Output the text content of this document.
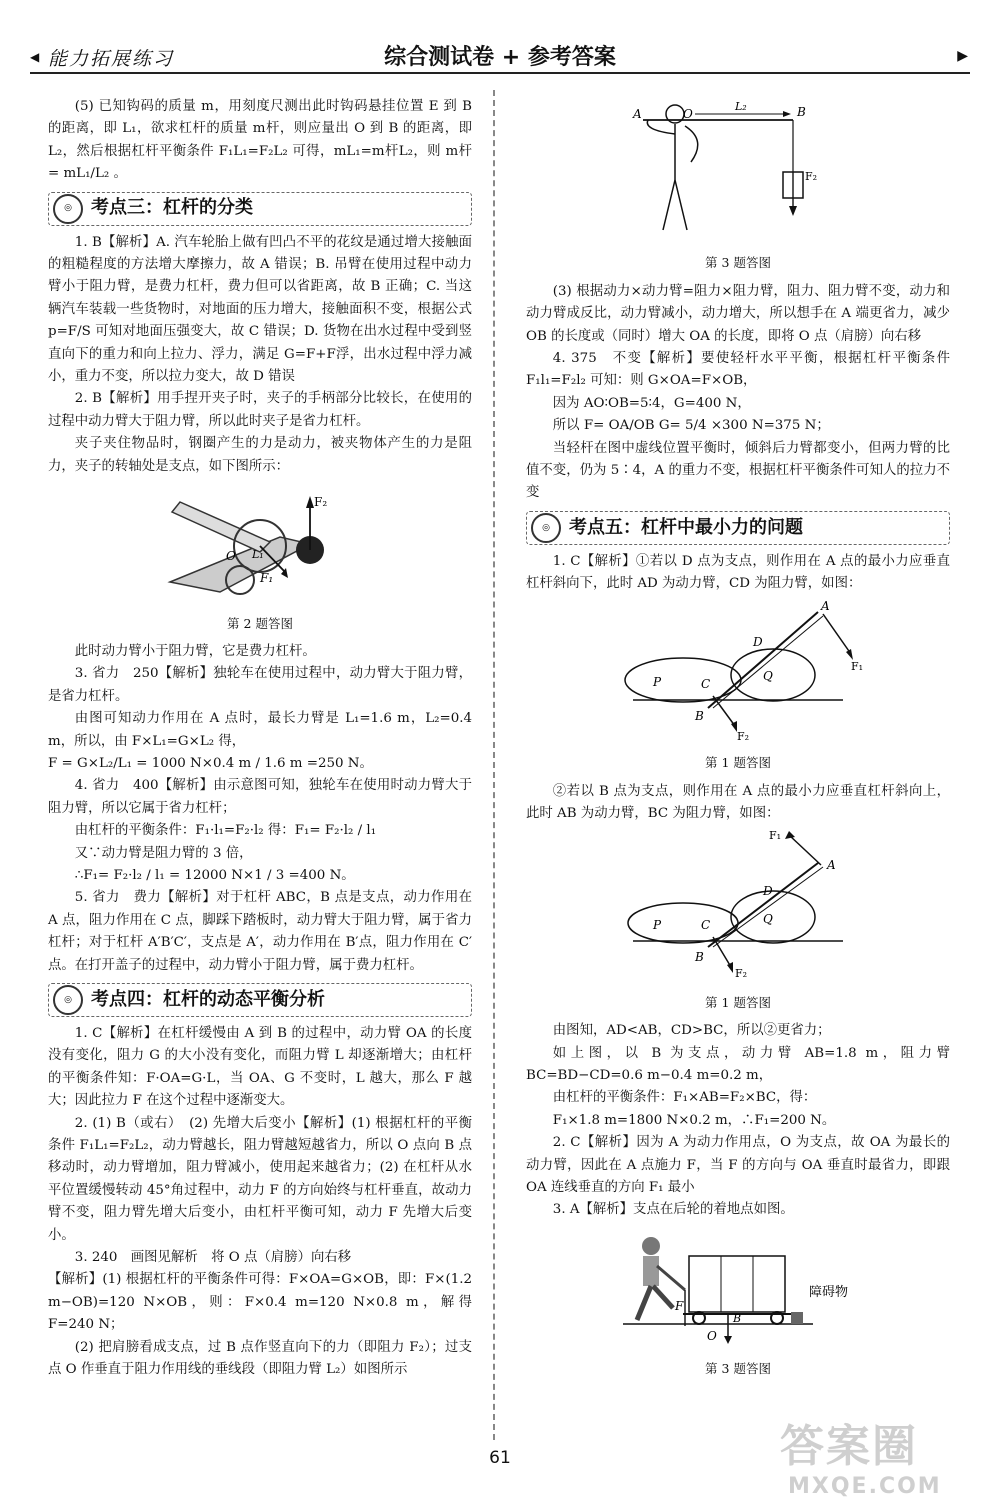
◀ 能力拓展练习	综合测试卷 + 参考答案	▶

(5) 已知钩码的质量 m，用刻度尺测出此时钩码悬挂位置 E 到 B 的距离，即 L₁，欲求杠杆的质量 m杆，则应量出 O 到 B 的距离，即 L₂，然后根据杠杆平衡条件 F₁L₁=F₂L₂ 可得，mL₁=m杆L₂，则 m杆 = mL₁/L₂ 。

◎	考点三：杠杆的分类

1. B【解析】A. 汽车轮胎上做有凹凸不平的花纹是通过增大接触面的粗糙程度的方法增大摩擦力，故 A 错误；B. 吊臂在使用过程中动力臂小于阻力臂，是费力杠杆，费力但可以省距离，故 B 正确；C. 当这辆汽车装载一些货物时，对地面的压力增大，接触面积不变，根据公式 p=F/S 可知对地面压强变大，故 C 错误；D. 货物在出水过程中受到竖直向下的重力和向上拉力、浮力，满足 G=F+F浮，出水过程中浮力减小，重力不变，所以拉力变大，故 D 错误

2. B【解析】用手捏开夹子时，夹子的手柄部分比较长，在使用的过程中动力臂大于阻力臂，所以此时夹子是省力杠杆。

夹子夹住物品时，钢圈产生的力是动力，被夹物体产生的力是阻力，夹子的转轴处是支点，如下图所示：

F₂
O L₁
F₁
第 2 题答图

此时动力臂小于阻力臂，它是费力杠杆。

3. 省力　250【解析】独轮车在使用过程中，动力臂大于阻力臂，是省力杠杆。

由图可知动力作用在 A 点时，最长力臂是 L₁=1.6 m，L₂=0.4 m，所以，由 F×L₁=G×L₂ 得，

F = G×L₂/L₁ = 1000 N×0.4 m / 1.6 m =250 N。

4. 省力　400【解析】由示意图可知，独轮车在使用时动力臂大于阻力臂，所以它属于省力杠杆；

由杠杆的平衡条件：F₁·l₁=F₂·l₂ 得：F₁= F₂·l₂ / l₁

又∵动力臂是阻力臂的 3 倍，

∴F₁= F₂·l₂ / l₁ = 12000 N×1 / 3 =400 N。

5. 省力　费力【解析】对于杠杆 ABC，B 点是支点，动力作用在 A 点，阻力作用在 C 点，脚踩下踏板时，动力臂大于阻力臂，属于省力杠杆；对于杠杆 A′B′C′，支点是 A′，动力作用在 B′点，阻力作用在 C′点。在打开盖子的过程中，动力臂小于阻力臂，属于费力杠杆。

◎	考点四：杠杆的动态平衡分析

1. C【解析】在杠杆缓慢由 A 到 B 的过程中，动力臂 OA 的长度没有变化，阻力 G 的大小没有变化，而阻力臂 L 却逐渐增大；由杠杆的平衡条件知：F·OA=G·L，当 OA、G 不变时，L 越大，那么 F 越大；因此拉力 F 在这个过程中逐渐变大。

2. (1) B（或右）　(2) 先增大后变小【解析】(1) 根据杠杆的平衡条件 F₁L₁=F₂L₂，动力臂越长，阻力臂越短越省力，所以 O 点向 B 点移动时，动力臂增加，阻力臂减小，使用起来越省力；(2) 在杠杆从水平位置缓慢转动 45°角过程中，动力 F 的方向始终与杠杆垂直，故动力臂不变，阻力臂先增大后变小，由杠杆平衡可知，动力 F 先增大后变小。

3. 240　画图见解析　将 O 点（肩膀）向右移

【解析】(1) 根据杠杆的平衡条件可得：F×OA=G×OB，即：F×(1.2 m−OB)=120 N×OB，则：F×0.4 m=120 N×0.8 m，解得 F=240 N；

(2) 把肩膀看成支点，过 B 点作竖直向下的力（即阻力 F₂）；过支点 O 作垂直于阻力作用线的垂线段（即阻力臂 L₂）如图所示

A	O
L₂	B
F₂
第 3 题答图

(3) 根据动力×动力臂=阻力×阻力臂，阻力、阻力臂不变，动力和动力臂成反比，动力臂减小，动力增大，所以想手在 A 端更省力，减少 OB 的长度或（同时）增大 OA 的长度，即将 O 点（肩膀）向右移

4. 375　不变【解析】要使轻杆水平平衡，根据杠杆平衡条件 F₁l₁=F₂l₂ 可知：则 G×OA=F×OB，

因为 AO∶OB=5∶4，G=400 N，

所以 F= OA/OB G= 5/4 ×300 N=375 N；

当轻杆在图中虚线位置平衡时，倾斜后力臂都变小，但两力臂的比值不变，仍为 5∶4，A 的重力不变，根据杠杆平衡条件可知人的拉力不变

◎	考点五：杠杆中最小力的问题

1. C【解析】①若以 D 点为支点，则作用在 A 点的最小力应垂直杠杆斜向下，此时 AD 为动力臂，CD 为阻力臂，如图：

A
D
C
P	Q
B
F₁
F₂
第 1 题答图

②若以 B 点为支点，则作用在 A 点的最小力应垂直杠杆斜向上，此时 AB 为动力臂，BC 为阻力臂，如图：

A
D
C
P	Q
B
F₁
F₂
第 1 题答图

由图知，AD<AB，CD>BC，所以②更省力；

如上图，以 B 为支点，动力臂 AB=1.8 m，阻力臂 BC=BD−CD=0.6 m−0.4 m=0.2 m，

由杠杆的平衡条件：F₁×AB=F₂×BC，得：

F₁×1.8 m=1800 N×0.2 m，∴F₁=200 N。

2. C【解析】因为 A 为动力作用点，O 为支点，故 OA 为最长的动力臂，因此在 A 点施力 F，当 F 的方向与 OA 垂直时最省力，即跟 OA 连线垂直的方向 F₁ 最小

3. A【解析】支点在后轮的着地点如图。

障碍物
F
O
B
第 3 题答图
61	答案圈
MXQE.COM
